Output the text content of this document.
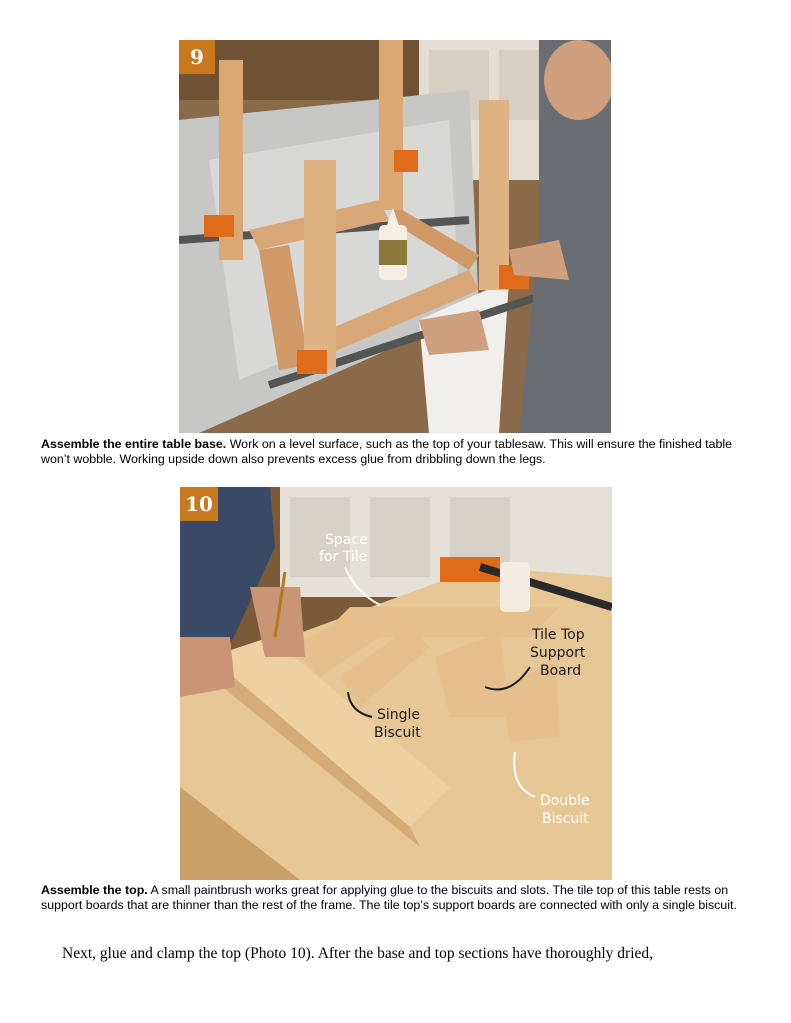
9
Assemble the entire table base. Work on a level surface, such as the top of your tablesaw. This will ensure the finished table won’t wobble. Working upside down also prevents excess glue from dribbling down the legs.
Space
for Tile
Tile Top
Support
Board
Single
Biscuit
Double
Biscuit
10
Assemble the top. A small paintbrush works great for applying glue to the biscuits and slots. The tile top of this table rests on support boards that are thinner than the rest of the frame. The tile top’s support boards are connected with only a single biscuit.
Next, glue and clamp the top (Photo 10). After the base and top sections have thoroughly dried,
